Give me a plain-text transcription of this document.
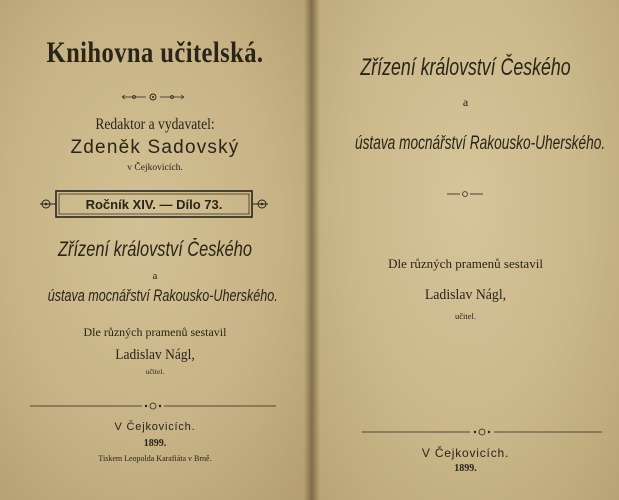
Knihovna učitelská.
Redaktor a vydavatel:
Zdeněk Sadovský
v Čejkovicích.
Ročník XIV. — Dílo 73.
Zřízení království Českého
a
ústava mocnářství Rakousko-Uherského.
Dle různých pramenů sestavil
Ladislav Nágl,
učitel.
V Čejkovicích.
1899.
Tiskem Leopolda Karafiáta v Brně.
Zřízení království Českého
a
ústava mocnářství Rakousko-Uherského.
Dle různých pramenů sestavil
Ladislav Nágl,
učitel.
V Čejkovicích.
1899.
